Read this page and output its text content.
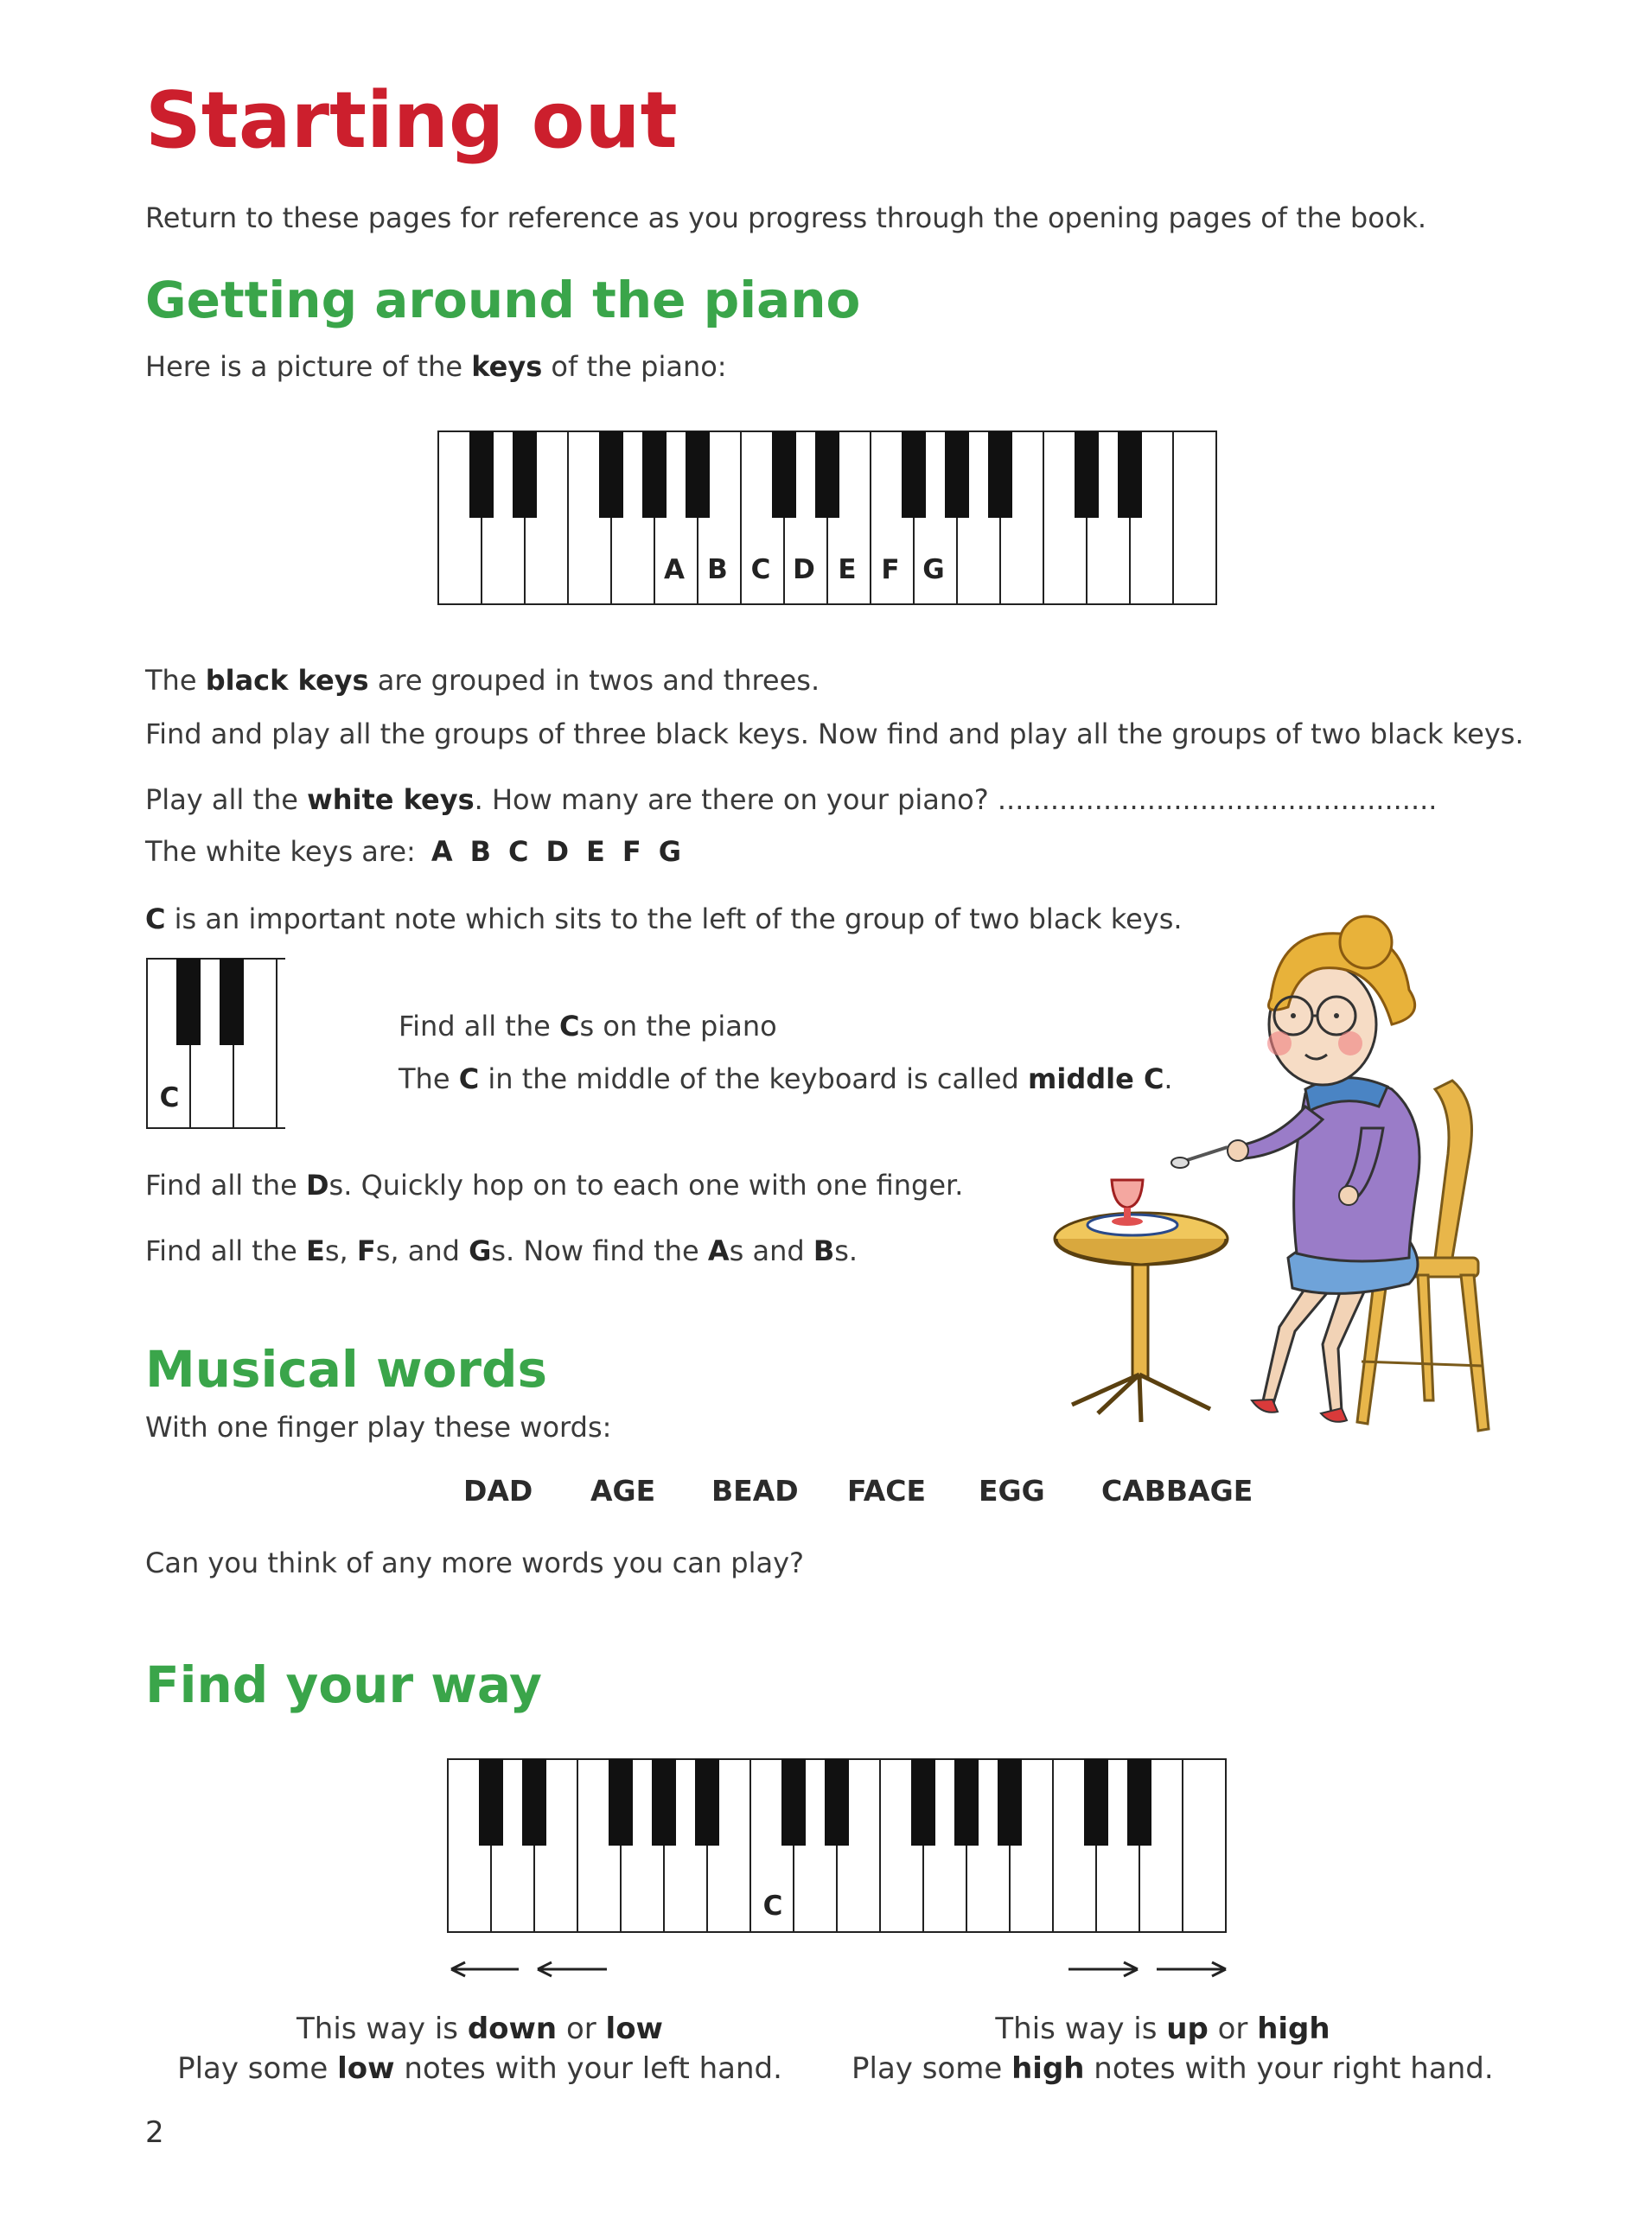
Starting out
Return to these pages for reference as you progress through the opening pages of the book.
Getting around the piano
Here is a picture of the keys of the piano:
A B C D E F G
The black keys are grouped in twos and threes.
Find and play all the groups of three black keys. Now find and play all the groups of two black keys.
Play all the white keys. How many are there on your piano? ..................................................
The white keys are: A B C D E F G
C is an important note which sits to the left of the group of two black keys.
C
Find all the Cs on the piano
The C in the middle of the keyboard is called middle C.
Find all the Ds. Quickly hop on to each one with one finger.
Find all the Es, Fs, and Gs. Now find the As and Bs.
Musical words
With one finger play these words:
DAD AGE BEAD FACE EGG CABBAGE
Can you think of any more words you can play?
Find your way
C
This way is down or low
Play some low notes with your left hand.
This way is up or high
Play some high notes with your right hand.
2
